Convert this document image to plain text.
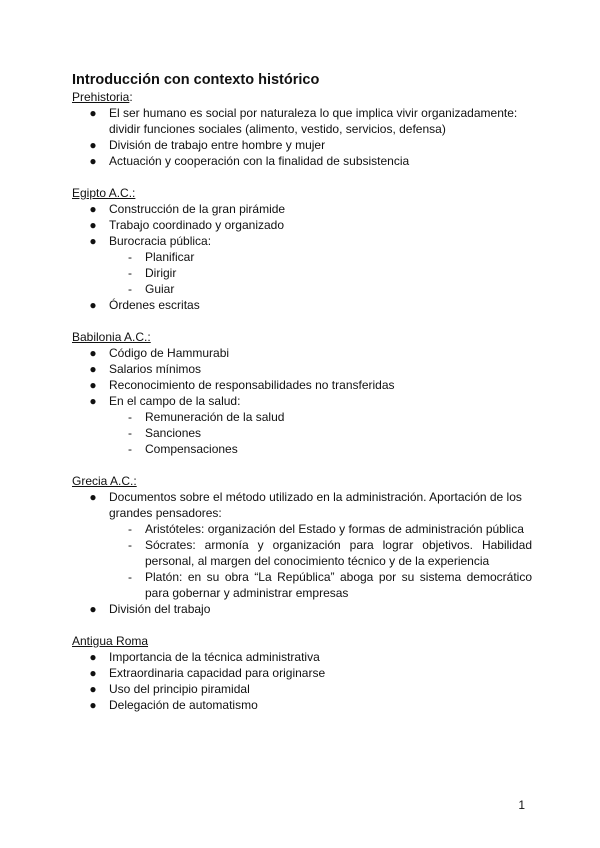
Introducción con contexto histórico
Prehistoria:
● El ser humano es social por naturaleza lo que implica vivir organizadamente: dividir funciones sociales (alimento, vestido, servicios, defensa)
● División de trabajo entre hombre y mujer
● Actuación y cooperación con la finalidad de subsistencia
Egipto A.C.:
● Construcción de la gran pirámide
● Trabajo coordinado y organizado
● Burocracia pública:
- Planificar
- Dirigir
- Guiar
● Órdenes escritas
Babilonia A.C.:
● Código de Hammurabi
● Salarios mínimos
● Reconocimiento de responsabilidades no transferidas
● En el campo de la salud:
- Remuneración de la salud
- Sanciones
- Compensaciones
Grecia A.C.:
● Documentos sobre el método utilizado en la administración. Aportación de los grandes pensadores:
- Aristóteles: organización del Estado y formas de administración pública
- Sócrates: armonía y organización para lograr objetivos. Habilidad personal, al margen del conocimiento técnico y de la experiencia
- Platón: en su obra “La República” aboga por su sistema democrático para gobernar y administrar empresas
● División del trabajo
Antigua Roma
● Importancia de la técnica administrativa
● Extraordinaria capacidad para originarse
● Uso del principio piramidal
● Delegación de automatismo
1
